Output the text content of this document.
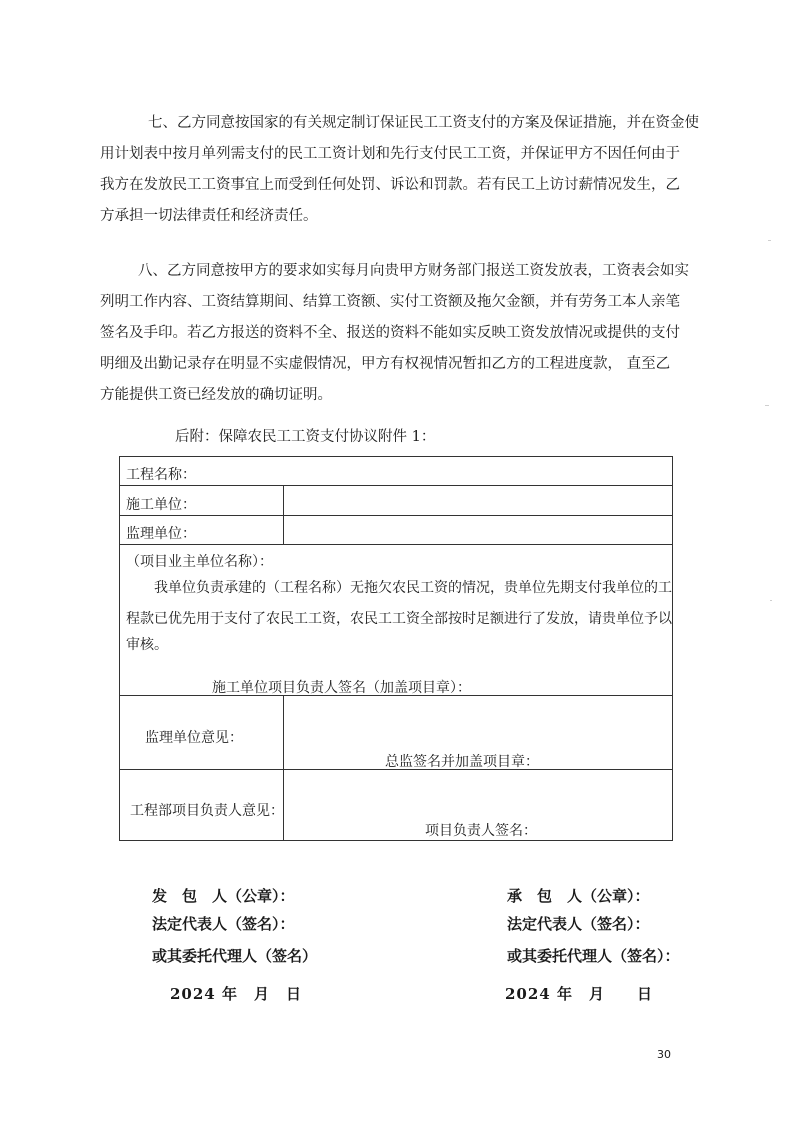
七、乙方同意按国家的有关规定制订保证民工工资支付的方案及保证措施，并在资金使
用计划表中按月单列需支付的民工工资计划和先行支付民工工资，并保证甲方不因任何由于
我方在发放民工工资事宜上而受到任何处罚、诉讼和罚款。若有民工上访讨薪情况发生，乙
方承担一切法律责任和经济责任。
八、乙方同意按甲方的要求如实每月向贵甲方财务部门报送工资发放表，工资表会如实
列明工作内容、工资结算期间、结算工资额、实付工资额及拖欠金额，并有劳务工本人亲笔
签名及手印。若乙方报送的资料不全、报送的资料不能如实反映工资发放情况或提供的支付
明细及出勤记录存在明显不实虚假情况，甲方有权视情况暂扣乙方的工程进度款， 直至乙
方能提供工资已经发放的确切证明。
后附：保障农民工工资支付协议附件 1：
工程名称：
施工单位：
监理单位：
（项目业主单位名称）：
我单位负责承建的（工程名称）无拖欠农民工资的情况，贵单位先期支付我单位的工
程款已优先用于支付了农民工工资，农民工工资全部按时足额进行了发放，请贵单位予以
审核。
施工单位项目负责人签名（加盖项目章）：
监理单位意见：
总监签名并加盖项目章：
工程部项目负责人意见：
项目负责人签名：
发　包　人（公章）：
法定代表人（签名）：
或其委托代理人（签名）
2024 年　月　日
承　包　人（公章）：
法定代表人（签名）：
或其委托代理人（签名）：
2024 年　月　　日
30
